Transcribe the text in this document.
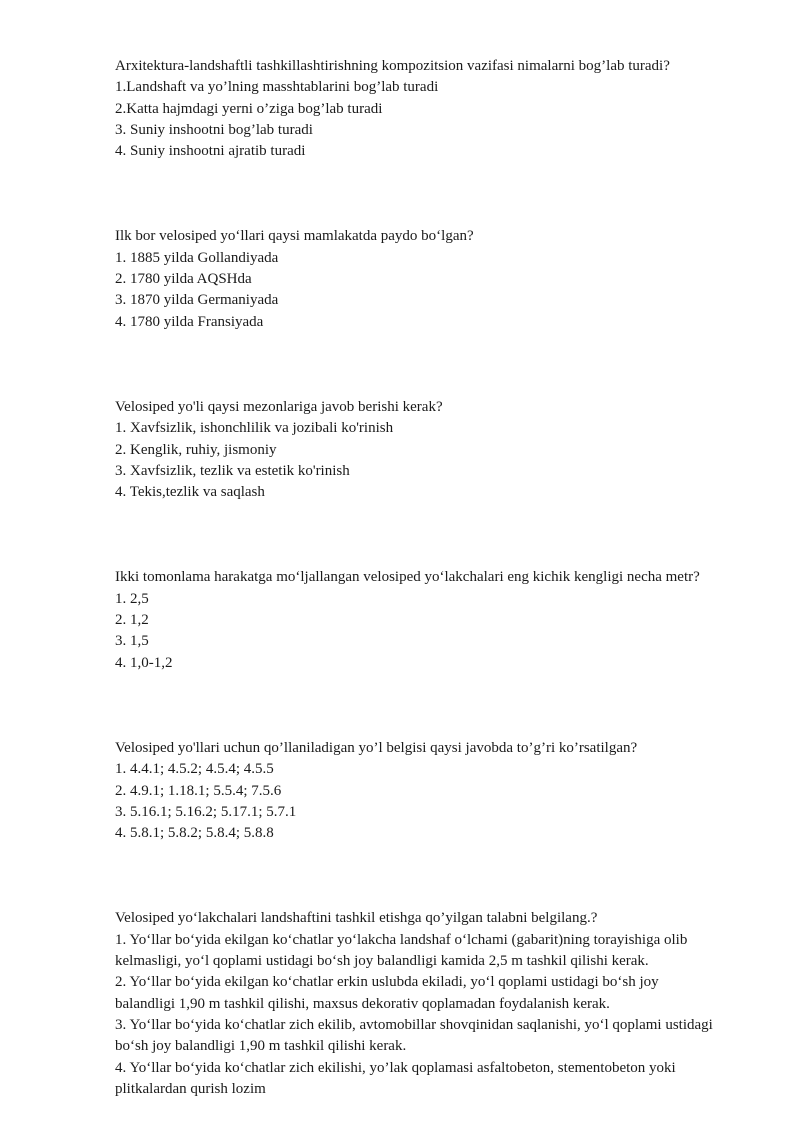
Arxitektura-landshaftli tashkillashtirishning kompozitsion vazifasi nimalarni bog’lab turadi?

1.Landshaft va yo’lning masshtablarini bog’lab turadi

2.Katta hajmdagi yerni o’ziga bog’lab turadi

3. Suniy inshootni bog’lab turadi

4. Suniy inshootni ajratib turadi

Ilk bor velosiped yo‘llari qaysi mamlakatda paydo bo‘lgan?

1. 1885 yilda Gollandiyada

2. 1780 yilda AQSHda

3. 1870 yilda Germaniyada

4. 1780 yilda Fransiyada

Velosiped yo'li qaysi mezonlariga javob berishi kerak?

1. Xavfsizlik, ishonchlilik va jozibali ko'rinish

2. Kenglik, ruhiy, jismoniy

3. Xavfsizlik, tezlik va estetik ko'rinish

4. Tekis,tezlik va saqlash

Ikki tomonlama harakatga mo‘ljallangan velosiped yo‘lakchalari eng kichik kengligi necha metr?

1. 2,5

2. 1,2

3. 1,5

4. 1,0-1,2

Velosiped yo'llari uchun qo’llaniladigan yo’l belgisi qaysi javobda to’g’ri ko’rsatilgan?

1. 4.4.1; 4.5.2; 4.5.4; 4.5.5

2. 4.9.1; 1.18.1; 5.5.4; 7.5.6

3. 5.16.1; 5.16.2; 5.17.1; 5.7.1

4. 5.8.1; 5.8.2; 5.8.4; 5.8.8

Velosiped yo‘lakchalari landshaftini tashkil etishga qo’yilgan talabni belgilang.?

1. Yo‘llar bo‘yida ekilgan ko‘chatlar yo‘lakcha landshaf o‘lchami (gabarit)ning torayishiga olib kelmasligi, yo‘l qoplami ustidagi bo‘sh joy balandligi kamida 2,5 m tashkil qilishi kerak.

2. Yo‘llar bo‘yida ekilgan ko‘chatlar erkin uslubda ekiladi, yo‘l qoplami ustidagi bo‘sh joy balandligi 1,90 m tashkil qilishi, maxsus dekorativ qoplamadan foydalanish kerak.

3. Yo‘llar bo‘yida ko‘chatlar zich ekilib, avtomobillar shovqinidan saqlanishi, yo‘l qoplami ustidagi bo‘sh joy balandligi 1,90 m tashkil qilishi kerak.

4. Yo‘llar bo‘yida ko‘chatlar zich ekilishi, yo’lak qoplamasi asfaltobeton, stementobeton yoki plitkalardan qurish lozim
